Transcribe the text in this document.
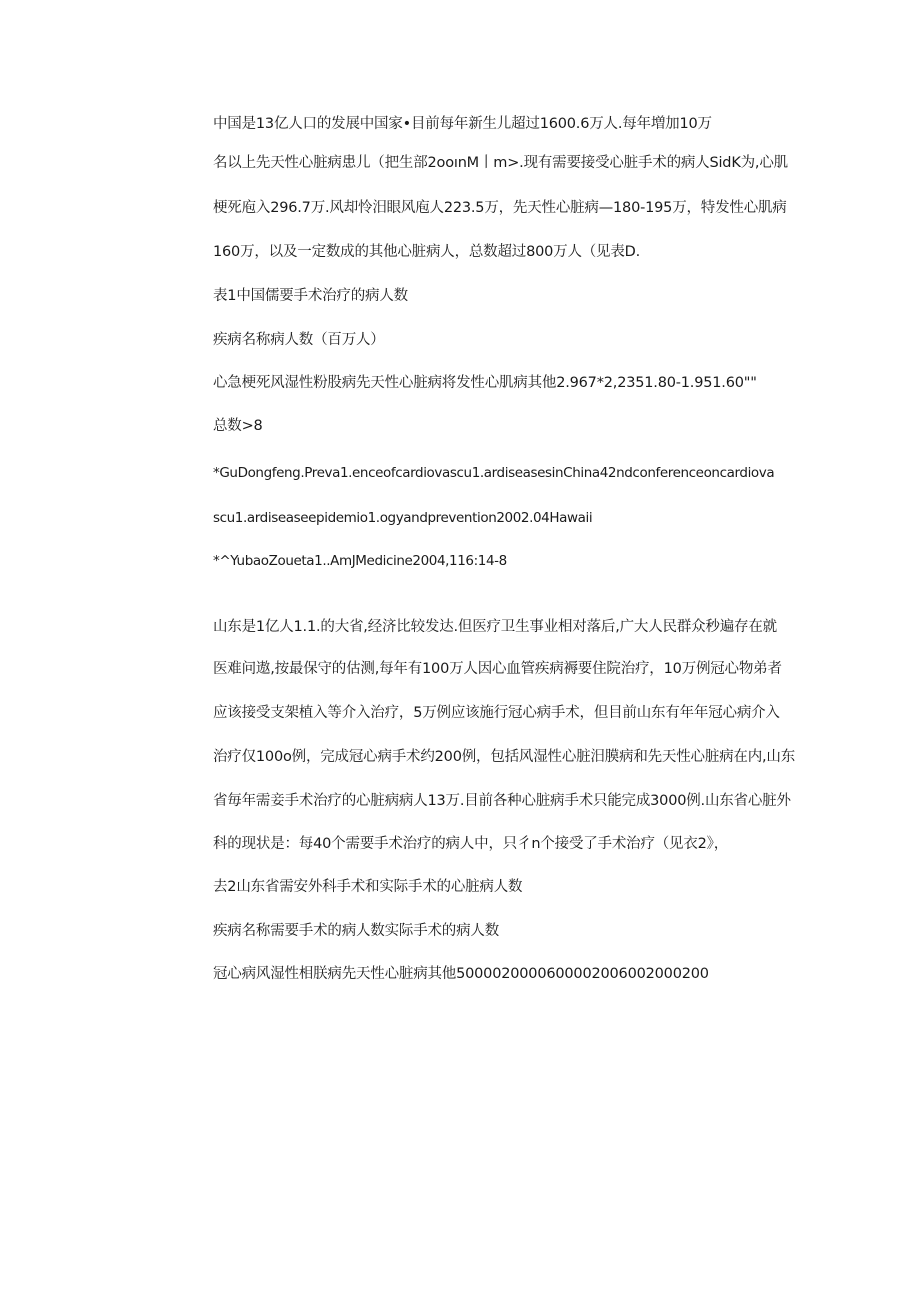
中国是13亿人口的发展中国家•目前每年新生儿超过1600.6万人.每年増加10万
名以上先天性心脏病患儿（把生部2ooınM丨m>.现有需要接受心脏手术的病人SidK为,心肌
梗死庖入296.7万.风却怜汨眼风庖人223.5万，先天性心脏病—180-195万，特发性心肌病
160万，以及一定数成的其他心脏病人，总数超过800万人（见表D.
表1中国儒要手术治疗的病人数
疾病名称病人数（百万人）
心急梗死风湿性粉股病先天性心脏病将发性心肌病其他2.967*2,2351.80-1.951.60""
总数>8
*GuDongfeng.Preva1.enceofcardiovascu1.ardiseasesinChina42ndconferenceoncardiova
scu1.ardiseaseepidemio1.ogyandprevention2002.04Hawaii
*^YubaoZoueta1..AmJMedicine2004,116:14-8
山东是1亿人1.1.的大省,经济比较发达.但医疗卫生事业相对落后,广大人民群众秒遍存在就
医难问遨,按最保守的估测,每年有100万人因心血管疾病褥要住院治疗，10万例冠心物弟者
应该接受支架植入等介入治疗，5万例应该施行冠心病手术，但目前山东有年年冠心病介入
治疗仅100o例，完成冠心病手术约200例，包括风湿性心脏汨膜病和先天性心脏病在内,山东
省毎年需妾手术治疗的心脏病病人13万.目前各种心脏病手术只能完成3000例.山东省心脏外
科的现状是：每40个需要手术治疗的病人中，只彳n个接受了手术治疗（见衣2》，
去2山东省需安外科手术和实际手术的心脏病人数
疾病名称需要手术的病人数实际手术的病人数
冠心病风湿性相朕病先天性心脏病其他5000020000600002006002000200
